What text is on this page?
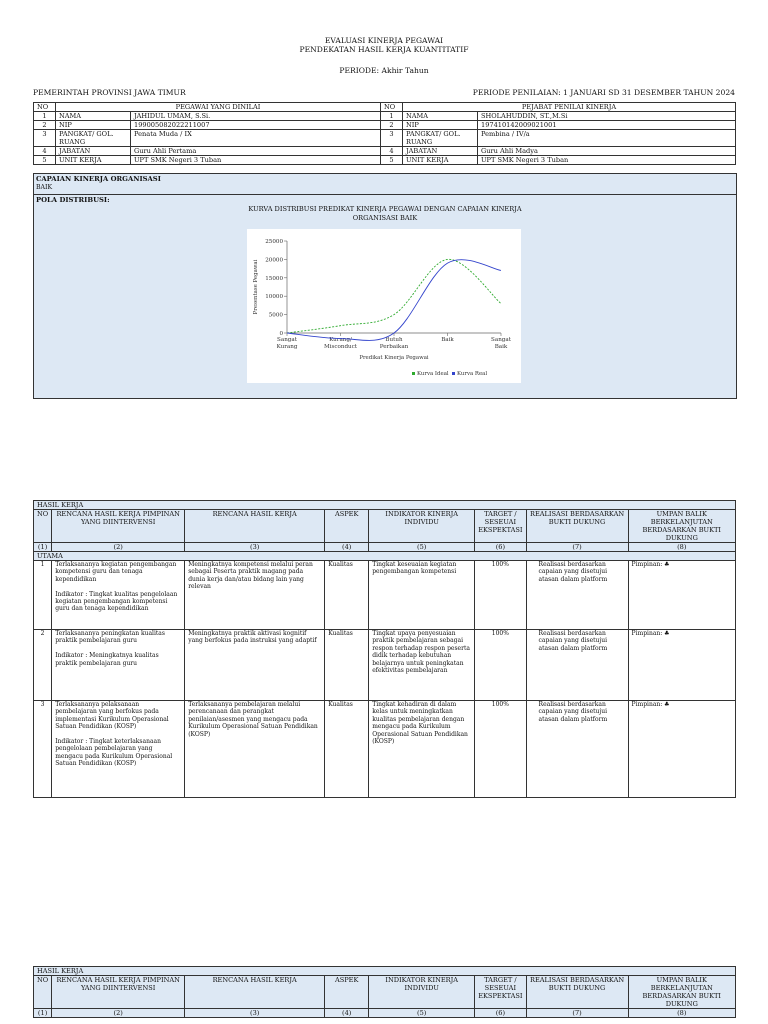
EVALUASI KINERJA PEGAWAI
PENDEKATAN HASIL KERJA KUANTITATIF
PERIODE: Akhir Tahun
PEMERINTAH PROVINSI JAWA TIMUR	PERIODE PENILAIAN: 1 JANUARI SD 31 DESEMBER TAHUN 2024
NO	PEGAWAI YANG DINILAI		NO	PEJABAT PENILAI KINERJA	
1	NAMA	JAHIDUL UMAM, S.Si.	1	NAMA	SHOLAHUDDIN, ST.,M.Si
2	NIP	199005082022211007	2	NIP	197410142009021001
3	PANGKAT/ GOL. RUANG	Penata Muda / IX	3	PANGKAT/ GOL. RUANG	Pembina / IV/a
4	JABATAN	Guru Ahli Pertama	4	JABATAN	Guru Ahli Madya
5	UNIT KERJA	UPT SMK Negeri 3 Tuban	5	UNIT KERJA	UPT SMK Negeri 3 Tuban
CAPAIAN KINERJA ORGANISASI
BAIK
POLA DISTRIBUSI:
KURVA DISTRIBUSI PREDIKAT KINERJA PEGAWAI DENGAN CAPAIAN KINERJA ORGANISASI BAIK
25000
20000
15000
10000
5000
0
Sangat Kurang
Kurang/ Misconduct
Butuh Perbaikan
Baik	Sangat Baik
Predikat Kinerja Pegawai
Presentase Pegawai
Kurva Ideal Kurva Real
HASIL KERJA							
NO	RENCANA HASIL KERJA PIMPINAN YANG DIINTERVENSI	RENCANA HASIL KERJA	ASPEK	INDIKATOR KINERJA INDIVIDU	TARGET / SESEUAI EKSPEKTASI	REALISASI BERDASARKAN BUKTI DUKUNG	UMPAN BALIK BERKELANJUTAN BERDASARKAN BUKTI DUKUNG
(1)	(2)	(3)	(4)	(5)	(6)	(7)	(8)
UTAMA							
1	Terlaksananya kegiatan pengembangan kompetensi guru dan tenaga kependidikan

Indikator : Tingkat kualitas pengelolaan kegiatan pengembangan kompetensi guru dan tenaga kependidikan	Meningkatnya kompetensi melalui peran sebagai Peserta praktik magang pada dunia kerja dan/atau bidang lain yang relevan	Kualitas	Tingkat keseuaian kegiatan pengembangan kompetensi	100%	Realisasi berdasarkan capaian yang disetujui atasan dalam platform	Pimpinan: ♣
2	Terlaksananya peningkatan kualitas praktik pembelajaran guru

Indikator : Meningkatnya kualitas praktik pembelajaran guru	Meningkatnya praktik aktivasi kognitif yang berfokus pada instruksi yang adaptif	Kualitas	Tingkat upaya penyesuaian praktik pembelajaran sebagai respon terhadap respon peserta didik terhadap kebutuhan belajarnya untuk peningkatan efektivitas pembelajaran	100%	Realisasi berdasarkan capaian yang disetujui atasan dalam platform	Pimpinan: ♣
3	Terlaksananya pelaksanaan pembelajaran yang berfokus pada implementasi Kurikulum Operasional Satuan Pendidikan (KOSP)

Indikator : Tingkat keterlaksanaan pengelolaan pembelajaran yang mengacu pada Kurikulum Operasional Satuan Pendidikan (KOSP)	Terlaksananya pembelajaran melalui perencanaan dan perangkat penilaian/asesmen yang mengacu pada Kurikulum Operasional Satuan Pendidikan (KOSP)	Kualitas	Tingkat kehadiran di dalam kelas untuk meningkatkan kualitas pembelajaran dengan mengacu pada Kurikulum Operasional Satuan Pendidikan (KOSP)	100%	Realisasi berdasarkan capaian yang disetujui atasan dalam platform	Pimpinan: ♣
HASIL KERJA							
NO	RENCANA HASIL KERJA PIMPINAN YANG DIINTERVENSI	RENCANA HASIL KERJA	ASPEK	INDIKATOR KINERJA INDIVIDU	TARGET / SESEUAI EKSPEKTASI	REALISASI BERDASARKAN BUKTI DUKUNG	UMPAN BALIK BERKELANJUTAN BERDASARKAN BUKTI DUKUNG
(1)	(2)	(3)	(4)	(5)	(6)	(7)	(8)
